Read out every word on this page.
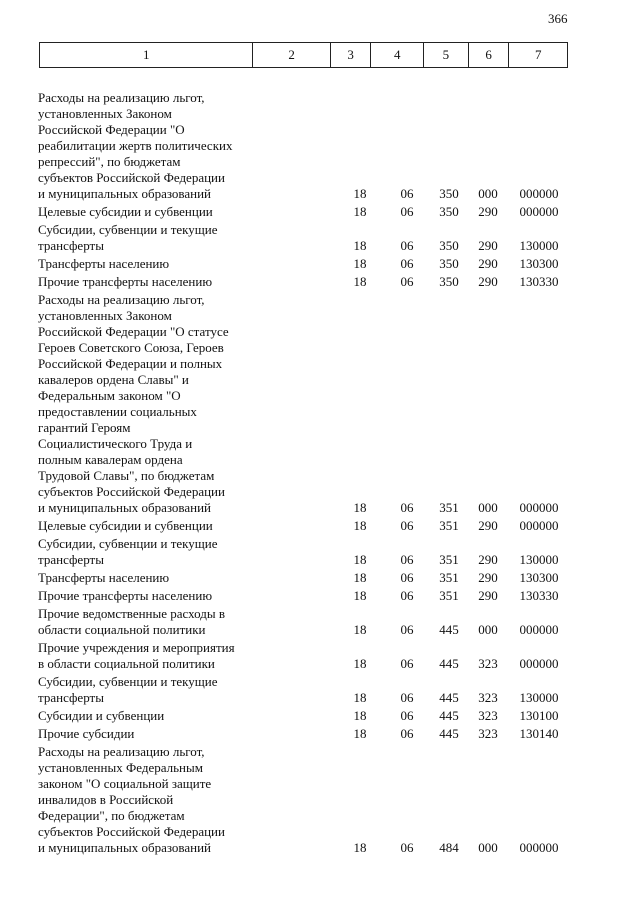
366
1	2	3	4	5	6	7
Расходы на реализацию льгот,
установленных Законом
Российской Федерации "О
реабилитации жертв политических
репрессий", по бюджетам
субъектов Российской Федерации
и муниципальных образований	18	06	350	000	000000
Целевые субсидии и субвенции	18	06	350	290	000000
Субсидии, субвенции и текущие
трансферты	18	06	350	290	130000
Трансферты населению	18	06	350	290	130300
Прочие трансферты населению	18	06	350	290	130330
Расходы на реализацию льгот,
установленных Законом
Российской Федерации "О статусе
Героев Советского Союза, Героев
Российской Федерации и полных
кавалеров ордена Славы" и
Федеральным законом "О
предоставлении социальных
гарантий Героям
Социалистического Труда и
полным кавалерам ордена
Трудовой Славы", по бюджетам
субъектов Российской Федерации
и муниципальных образований	18	06	351	000	000000
Целевые субсидии и субвенции	18	06	351	290	000000
Субсидии, субвенции и текущие
трансферты	18	06	351	290	130000
Трансферты населению	18	06	351	290	130300
Прочие трансферты населению	18	06	351	290	130330
Прочие ведомственные расходы в
области социальной политики	18	06	445	000	000000
Прочие учреждения и мероприятия
в области социальной политики	18	06	445	323	000000
Субсидии, субвенции и текущие
трансферты	18	06	445	323	130000
Субсидии и субвенции	18	06	445	323	130100
Прочие субсидии	18	06	445	323	130140
Расходы на реализацию льгот,
установленных Федеральным
законом "О социальной защите
инвалидов в Российской
Федерации", по бюджетам
субъектов Российской Федерации
и муниципальных образований	18	06	484	000	000000
